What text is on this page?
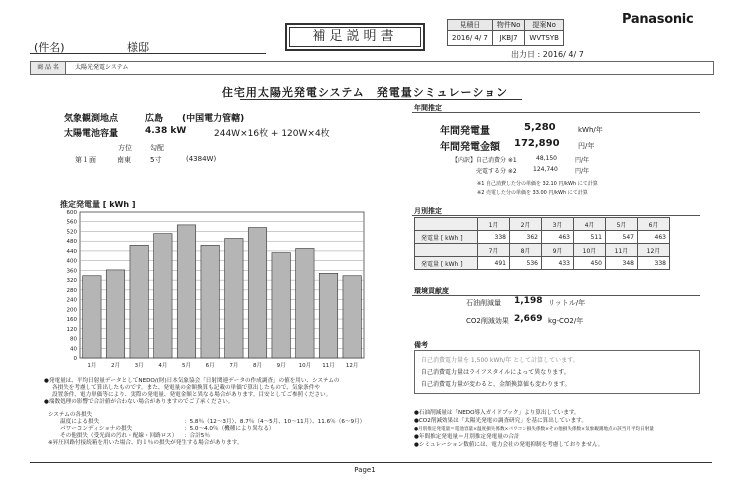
(件名)	様邸
補足説明書
見積日	物件No	提案No
2016/ 4/ 7	JKBJ7	WVTSYB
Panasonic
出力日 : 2016/ 4/ 7
商 品 名	太陽光発電システム
住宅用太陽光発電システム　発電量シミュレーション
気象観測地点	広島 (中国電力管轄)
太陽電池容量	4.38 kW	244W×16枚 + 120W×4枚
方位	勾配
第１面	南東	5寸	(4384W)
推定発電量 [ kWh ]
0
40
80
120
160
200
240
280
320
360
400
440
480
520
560
600
1月	2月	3月	4月	5月	6月	7月	8月	9月 10月 11月 12月
年間推定
年間発電量	5,280	kWh/年
年間発電金額 172,890	円/年
【内訳】 自己消費分 ※1	48,150	円/年
売電する分 ※2	124,740	円/年
※1 自己消費した分の単価を 32.10 円/kWh にて計算
※2 売電した分の単価を 33.00 円/kWh にて計算
月別推定
	1月	2月	3月	4月	5月	6月
発電量 [ kWh ]	338	362	463	511	547	463
	7月	8月	9月	10月	11月	12月
発電量 [ kWh ]	491	536	433	450	348	338
環境貢献度
石油削減量 1,198 リットル/年
CO2削減効果 2,669 kg-CO2/年
備考
自己消費電力量を 1,500 kWh/年 として計算しています。
自己消費電力量はライフスタイルによって異なります。
自己消費電力量が変わると、金額換算値も変わります。
●発電量は、平均日射量データとしてNEDO/(財)日本気象協会「日射関連データの作成調査」の値を用い、システムの
各損失を考慮して算出したものです。また、発電量の金額換算も記載の単価で算出したもので、気象条件や
設置条件、電力単価等により、実際の発電量、発電金額と異なる場合があります。目安としてご参照ください。
●端数処理の影響で合計値が合わない場合がありますのでご了承ください。
システムの各損失
温度による損失	：5.8％（12～3月）、8.7％（4～5月、10～11月）、11.6％（6～9月）
パワーコンディショナの損失	：5.0～4.0％（機種により異なる）
その他損失（受光面の汚れ・配線・回路ロス） ：合計5％
※昇圧回路付接続箱を用いた場合、約１％の損失が発生する場合があります。
●石油削減量は「NEDO導入ガイドブック」より算出しています。
●CO2削減効果は「太陽光発電の調査研究」を基に算出しています。
●月別推定発電量＝電池容量×温度損失係数×パワコン損失係数×その他損失係数×気象観測地点の該当月平均日射量
●年間推定発電量＝月別推定発電量の合計
●シミュレーション数値には、電力会社の発電抑制を考慮しておりません。
Page1
